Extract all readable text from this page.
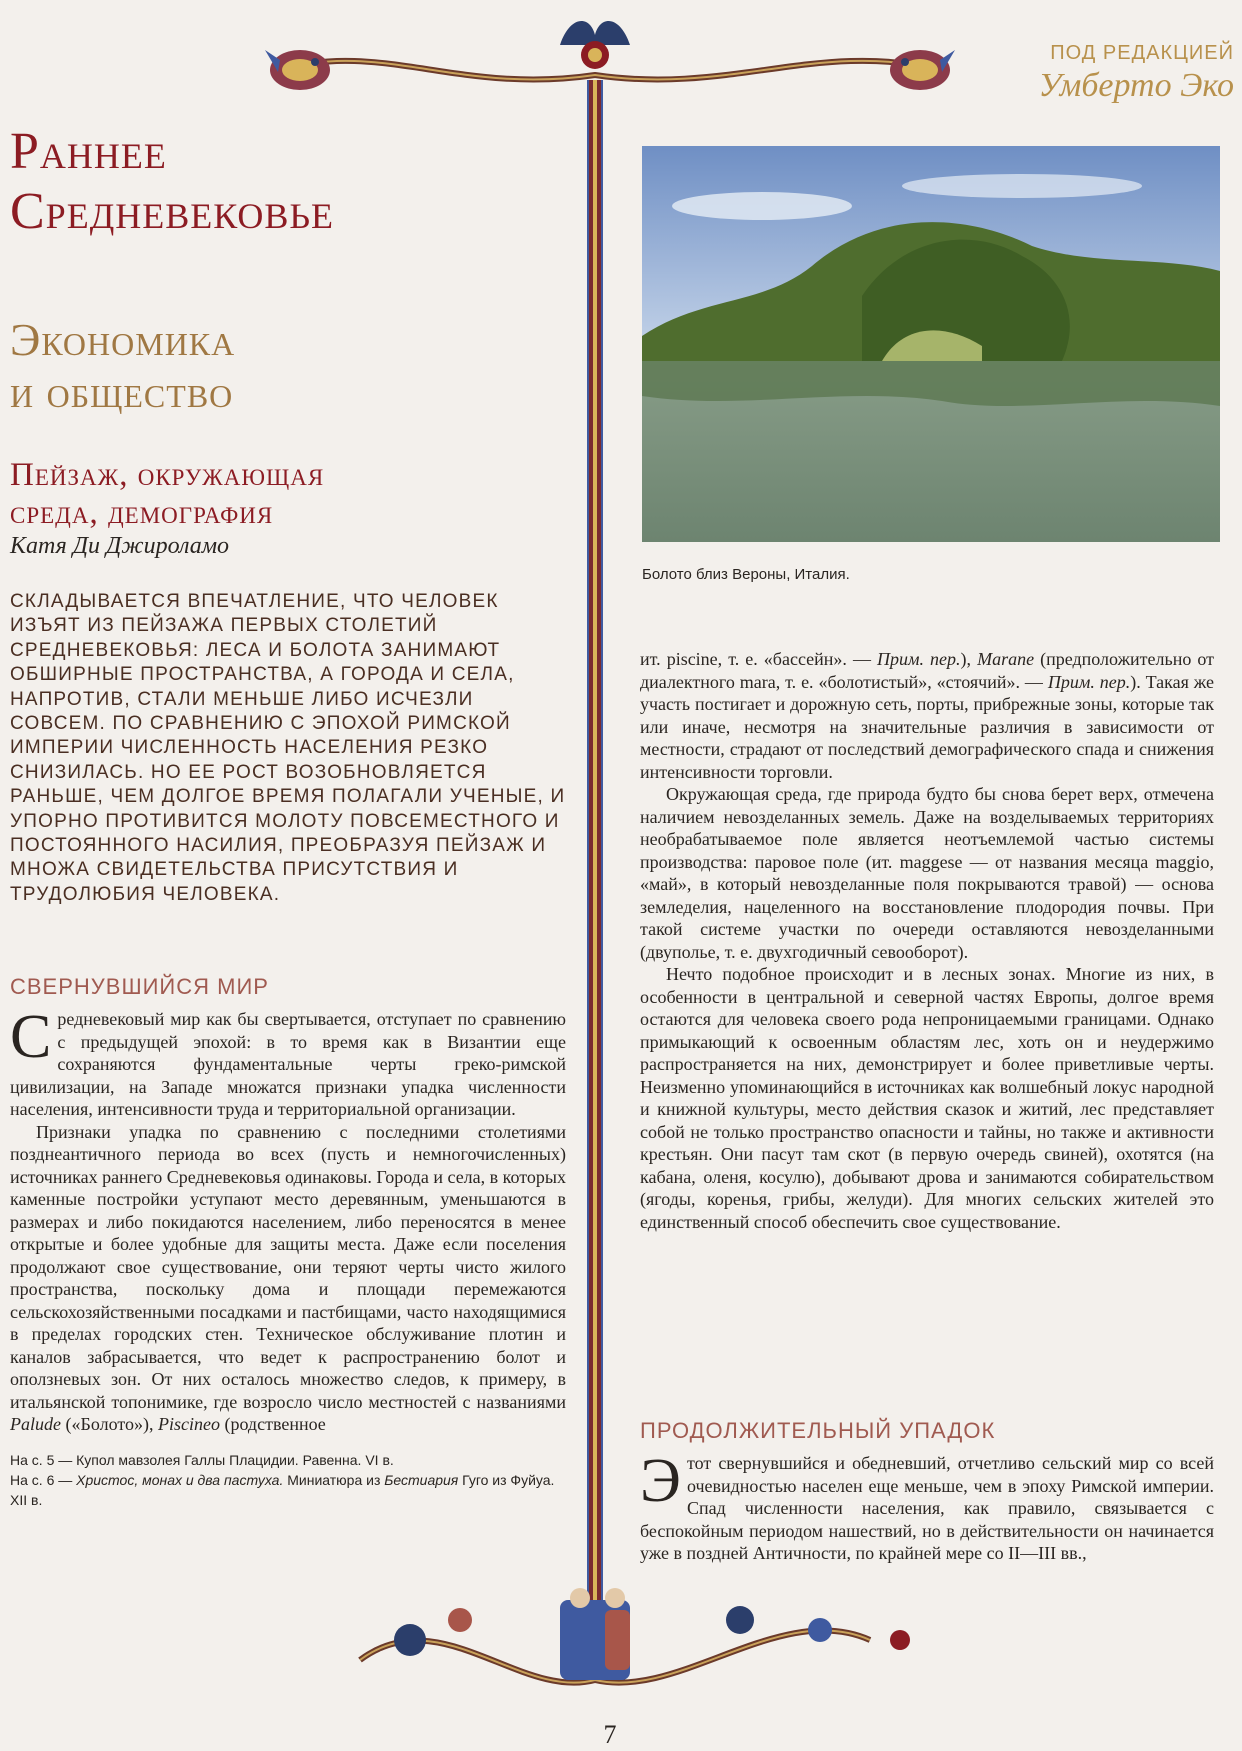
ПОД РЕДАКЦИЕЙ
Умберто Эко
Раннее
Средневековье
Экономика
и общество
Пейзаж, окружающая
среда, демография
Катя Ди Джироламо
СКЛАДЫВАЕТСЯ ВПЕЧАТЛЕНИЕ, ЧТО ЧЕЛОВЕК ИЗЪЯТ ИЗ ПЕЙЗАЖА ПЕРВЫХ СТОЛЕТИЙ СРЕДНЕВЕКОВЬЯ: ЛЕСА И БОЛОТА ЗАНИМАЮТ ОБШИРНЫЕ ПРОСТРАНСТВА, А ГОРОДА И СЕЛА, НАПРОТИВ, СТАЛИ МЕНЬШЕ ЛИБО ИСЧЕЗЛИ СОВСЕМ. ПО СРАВНЕНИЮ С ЭПОХОЙ РИМСКОЙ ИМПЕРИИ ЧИСЛЕННОСТЬ НАСЕЛЕНИЯ РЕЗКО СНИЗИЛАСЬ. НО ЕЕ РОСТ ВОЗОБНОВЛЯЕТСЯ РАНЬШЕ, ЧЕМ ДОЛГОЕ ВРЕМЯ ПОЛАГАЛИ УЧЕНЫЕ, И УПОРНО ПРОТИВИТСЯ МОЛОТУ ПОВСЕМЕСТНОГО И ПОСТОЯННОГО НАСИЛИЯ, ПРЕОБРАЗУЯ ПЕЙЗАЖ И МНОЖА СВИДЕТЕЛЬСТВА ПРИСУТСТВИЯ И ТРУДОЛЮБИЯ ЧЕЛОВЕКА.
СВЕРНУВШИЙСЯ МИР

Средневековый мир как бы свертывается, отступает по сравнению с предыдущей эпохой: в то время как в Византии еще сохраняются фундаментальные черты греко-римской цивилизации, на Западе множатся признаки упадка численности населения, интенсивности труда и территориальной организации.

Признаки упадка по сравнению с последними столетиями позднеантичного периода во всех (пусть и немногочисленных) источниках раннего Средневековья одинаковы. Города и села, в которых каменные постройки уступают место деревянным, уменьшаются в размерах и либо покидаются населением, либо переносятся в менее открытые и более удобные для защиты места. Даже если поселения продолжают свое существование, они теряют черты чисто жилого пространства, поскольку дома и площади перемежаются сельскохозяйственными посадками и пастбищами, часто находящимися в пределах городских стен. Техническое обслуживание плотин и каналов забрасывается, что ведет к распространению болот и оползневых зон. От них осталось множество следов, к примеру, в итальянской топонимике, где возросло число местностей с названиями Palude («Болото»), Piscineo (родственное

На с. 5 — Купол мавзолея Галлы Плацидии. Равенна. VI в.
На с. 6 — Христос, монах и два пастуха. Миниатюра из Бестиария Гуго из Фуйуа. XII в.
Болото близ Вероны, Италия.

ит. piscine, т. е. «бассейн». — Прим. пер.), Marane (предположительно от диалектного mara, т. е. «болотистый», «стоячий». — Прим. пер.). Такая же участь постигает и дорожную сеть, порты, прибрежные зоны, которые так или иначе, несмотря на значительные различия в зависимости от местности, страдают от последствий демографического спада и снижения интенсивности торговли.

Окружающая среда, где природа будто бы снова берет верх, отмечена наличием невозделанных земель. Даже на возделываемых территориях необрабатываемое поле является неотъемлемой частью системы производства: паровое поле (ит. maggese — от названия месяца maggio, «май», в который невозделанные поля покрываются травой) — основа земледелия, нацеленного на восстановление плодородия почвы. При такой системе участки по очереди оставляются невозделанными (двуполье, т. е. двухгодичный севооборот).

Нечто подобное происходит и в лесных зонах. Многие из них, в особенности в центральной и северной частях Европы, долгое время остаются для человека своего рода непроницаемыми границами. Однако примыкающий к освоенным областям лес, хоть он и неудержимо распространяется на них, демонстрирует и более приветливые черты. Неизменно упоминающийся в источниках как волшебный локус народной и книжной культуры, место действия сказок и житий, лес представляет собой не только пространство опасности и тайны, но также и активности крестьян. Они пасут там скот (в первую очередь свиней), охотятся (на кабана, оленя, косулю), добывают дрова и занимаются собирательством (ягоды, коренья, грибы, желуди). Для многих сельских жителей это единственный способ обеспечить свое существование.

ПРОДОЛЖИТЕЛЬНЫЙ УПАДОК

Этот свернувшийся и обедневший, отчетливо сельский мир со всей очевидностью населен еще меньше, чем в эпоху Римской империи. Спад численности населения, как правило, связывается с беспокойным периодом нашествий, но в действительности он начинается уже в поздней Античности, по крайней мере со II—III вв.,

7
